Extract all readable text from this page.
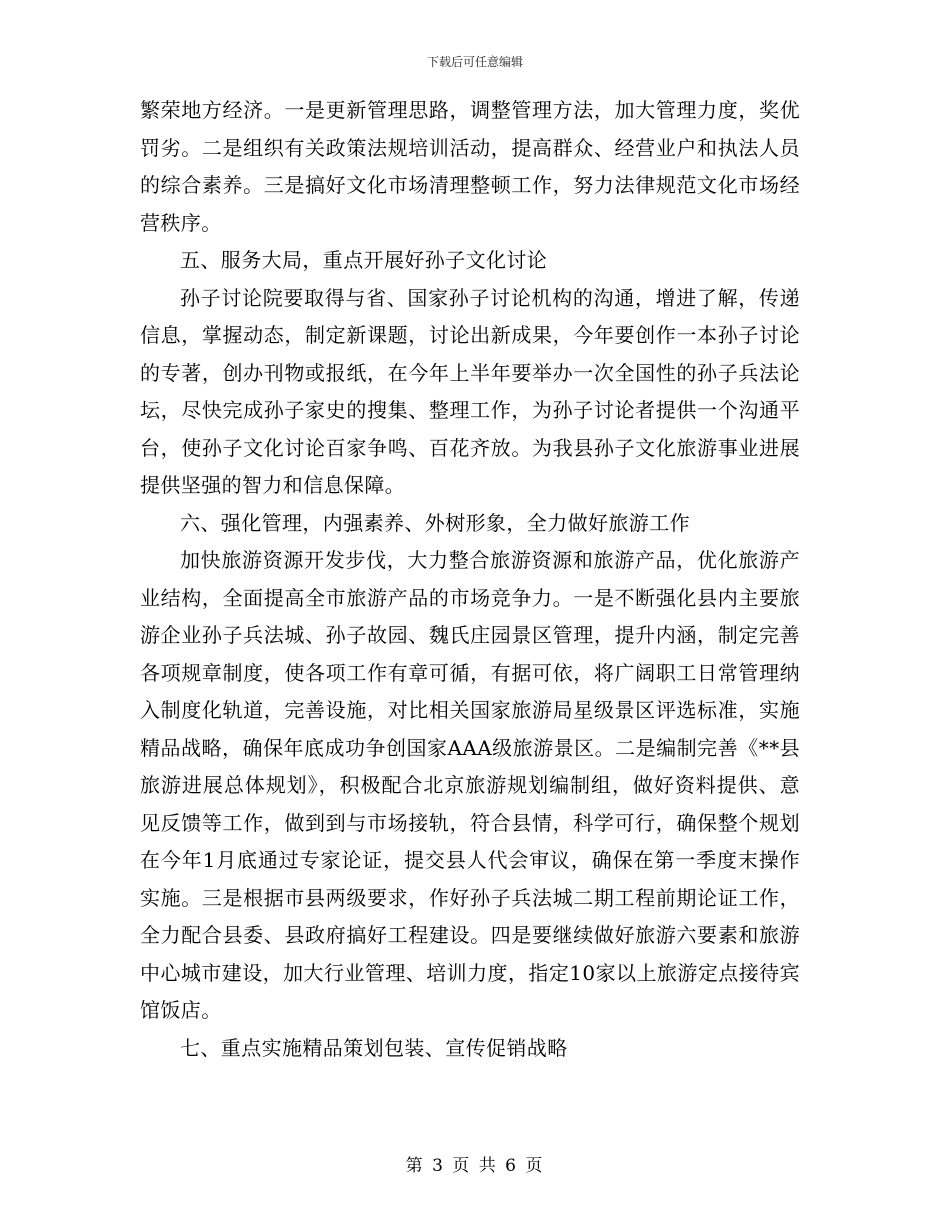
下载后可任意编辑

繁荣地方经济。一是更新管理思路，调整管理方法，加大管理力度，奖优罚劣。二是组织有关政策法规培训活动，提高群众、经营业户和执法人员的综合素养。三是搞好文化市场清理整顿工作，努力法律规范文化市场经营秩序。

五、服务大局，重点开展好孙子文化讨论

孙子讨论院要取得与省、国家孙子讨论机构的沟通，增进了解，传递信息，掌握动态，制定新课题，讨论出新成果，今年要创作一本孙子讨论的专著，创办刊物或报纸，在今年上半年要举办一次全国性的孙子兵法论坛，尽快完成孙子家史的搜集、整理工作，为孙子讨论者提供一个沟通平台，使孙子文化讨论百家争鸣、百花齐放。为我县孙子文化旅游事业进展提供坚强的智力和信息保障。

六、强化管理，内强素养、外树形象，全力做好旅游工作

加快旅游资源开发步伐，大力整合旅游资源和旅游产品，优化旅游产业结构，全面提高全市旅游产品的市场竞争力。一是不断强化县内主要旅游企业孙子兵法城、孙子故园、魏氏庄园景区管理，提升内涵，制定完善各项规章制度，使各项工作有章可循，有据可依，将广阔职工日常管理纳入制度化轨道，完善设施，对比相关国家旅游局星级景区评选标准，实施精品战略，确保年底成功争创国家AAA级旅游景区。二是编制完善《**县旅游进展总体规划》，积极配合北京旅游规划编制组，做好资料提供、意见反馈等工作，做到到与市场接轨，符合县情，科学可行，确保整个规划在今年1月底通过专家论证，提交县人代会审议，确保在第一季度末操作实施。三是根据市县两级要求，作好孙子兵法城二期工程前期论证工作，全力配合县委、县政府搞好工程建设。四是要继续做好旅游六要素和旅游中心城市建设，加大行业管理、培训力度，指定10家以上旅游定点接待宾馆饭店。

七、重点实施精品策划包装、宣传促销战略

第 3 页 共 6 页
